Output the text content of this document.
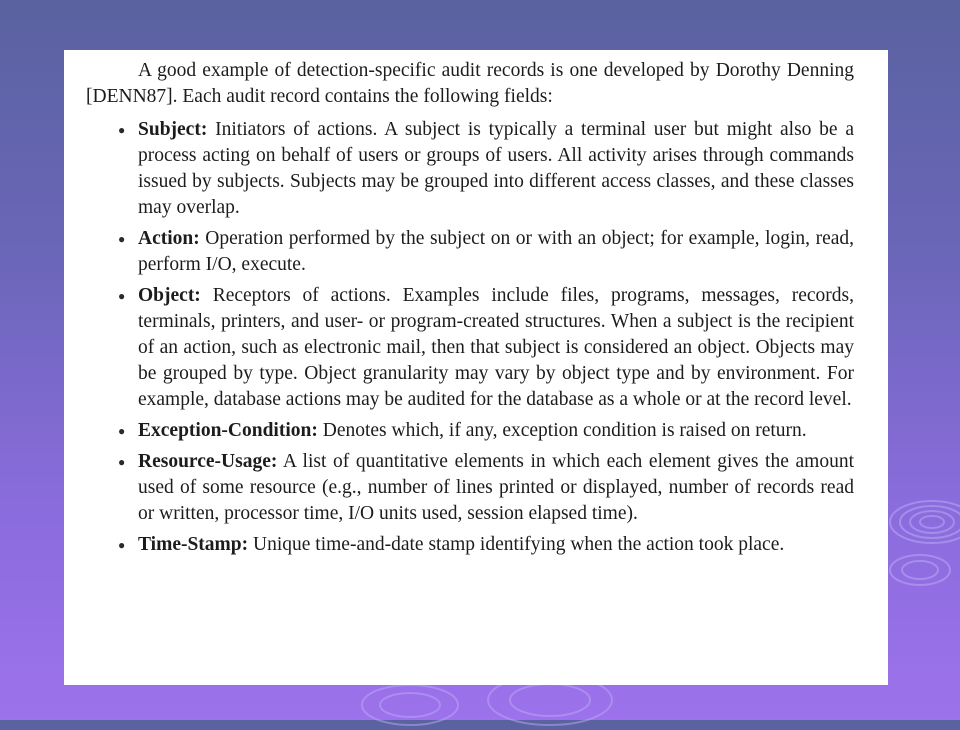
A good example of detection-specific audit records is one developed by Dorothy Denning [DENN87]. Each audit record contains the following fields:

● Subject: Initiators of actions. A subject is typically a terminal user but might also be a process acting on behalf of users or groups of users. All activity arises through commands issued by subjects. Subjects may be grouped into different access classes, and these classes may overlap.
● Action: Operation performed by the subject on or with an object; for example, login, read, perform I/O, execute.
● Object: Receptors of actions. Examples include files, programs, messages, records, terminals, printers, and user- or program-created structures. When a subject is the recipient of an action, such as electronic mail, then that subject is considered an object. Objects may be grouped by type. Object granularity may vary by object type and by environment. For example, database actions may be audited for the database as a whole or at the record level.
● Exception-Condition: Denotes which, if any, exception condition is raised on return.
● Resource-Usage: A list of quantitative elements in which each element gives the amount used of some resource (e.g., number of lines printed or displayed, number of records read or written, processor time, I/O units used, session elapsed time).
● Time-Stamp: Unique time-and-date stamp identifying when the action took place.
